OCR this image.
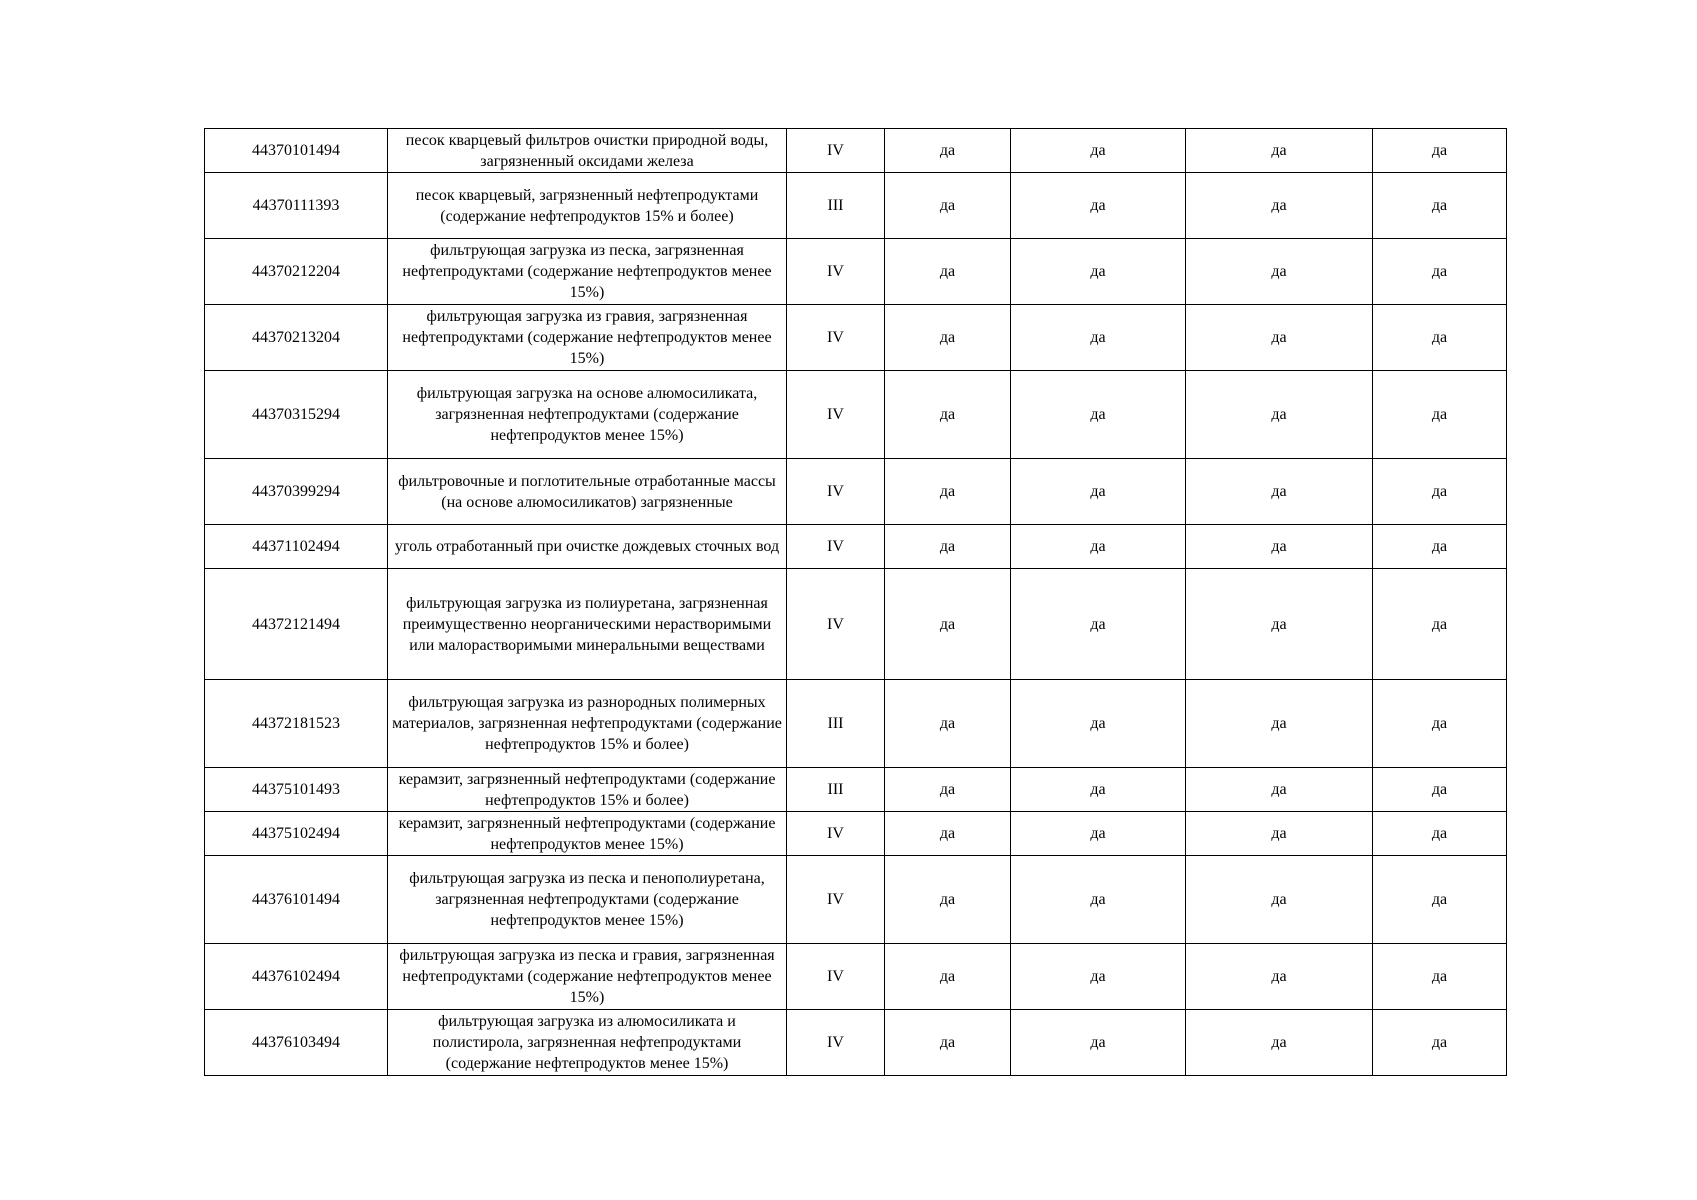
44370101494	песок кварцевый фильтров очистки природной воды, загрязненный оксидами железа	IV	да	да	да	да
44370111393	песок кварцевый, загрязненный нефтепродуктами (содержание нефтепродуктов 15% и более)	III	да	да	да	да
44370212204	фильтрующая загрузка из песка, загрязненная нефтепродуктами (содержание нефтепродуктов менее 15%)	IV	да	да	да	да
44370213204	фильтрующая загрузка из гравия, загрязненная нефтепродуктами (содержание нефтепродуктов менее 15%)	IV	да	да	да	да
44370315294	фильтрующая загрузка на основе алюмосиликата, загрязненная нефтепродуктами (содержание нефтепродуктов менее 15%)	IV	да	да	да	да
44370399294	фильтровочные и поглотительные отработанные массы (на основе алюмосиликатов) загрязненные	IV	да	да	да	да
44371102494	уголь отработанный при очистке дождевых сточных вод	IV	да	да	да	да
44372121494	фильтрующая загрузка из полиуретана, загрязненная преимущественно неорганическими нерастворимыми или малорастворимыми минеральными веществами	IV	да	да	да	да
44372181523	фильтрующая загрузка из разнородных полимерных материалов, загрязненная нефтепродуктами (содержание нефтепродуктов 15% и более)	III	да	да	да	да
44375101493	керамзит, загрязненный нефтепродуктами (содержание нефтепродуктов 15% и более)	III	да	да	да	да
44375102494	керамзит, загрязненный нефтепродуктами (содержание нефтепродуктов менее 15%)	IV	да	да	да	да
44376101494	фильтрующая загрузка из песка и пенополиуретана, загрязненная нефтепродуктами (содержание нефтепродуктов менее 15%)	IV	да	да	да	да
44376102494	фильтрующая загрузка из песка и гравия, загрязненная нефтепродуктами (содержание нефтепродуктов менее 15%)	IV	да	да	да	да
44376103494	фильтрующая загрузка из алюмосиликата и полистирола, загрязненная нефтепродуктами (содержание нефтепродуктов менее 15%)	IV	да	да	да	да
